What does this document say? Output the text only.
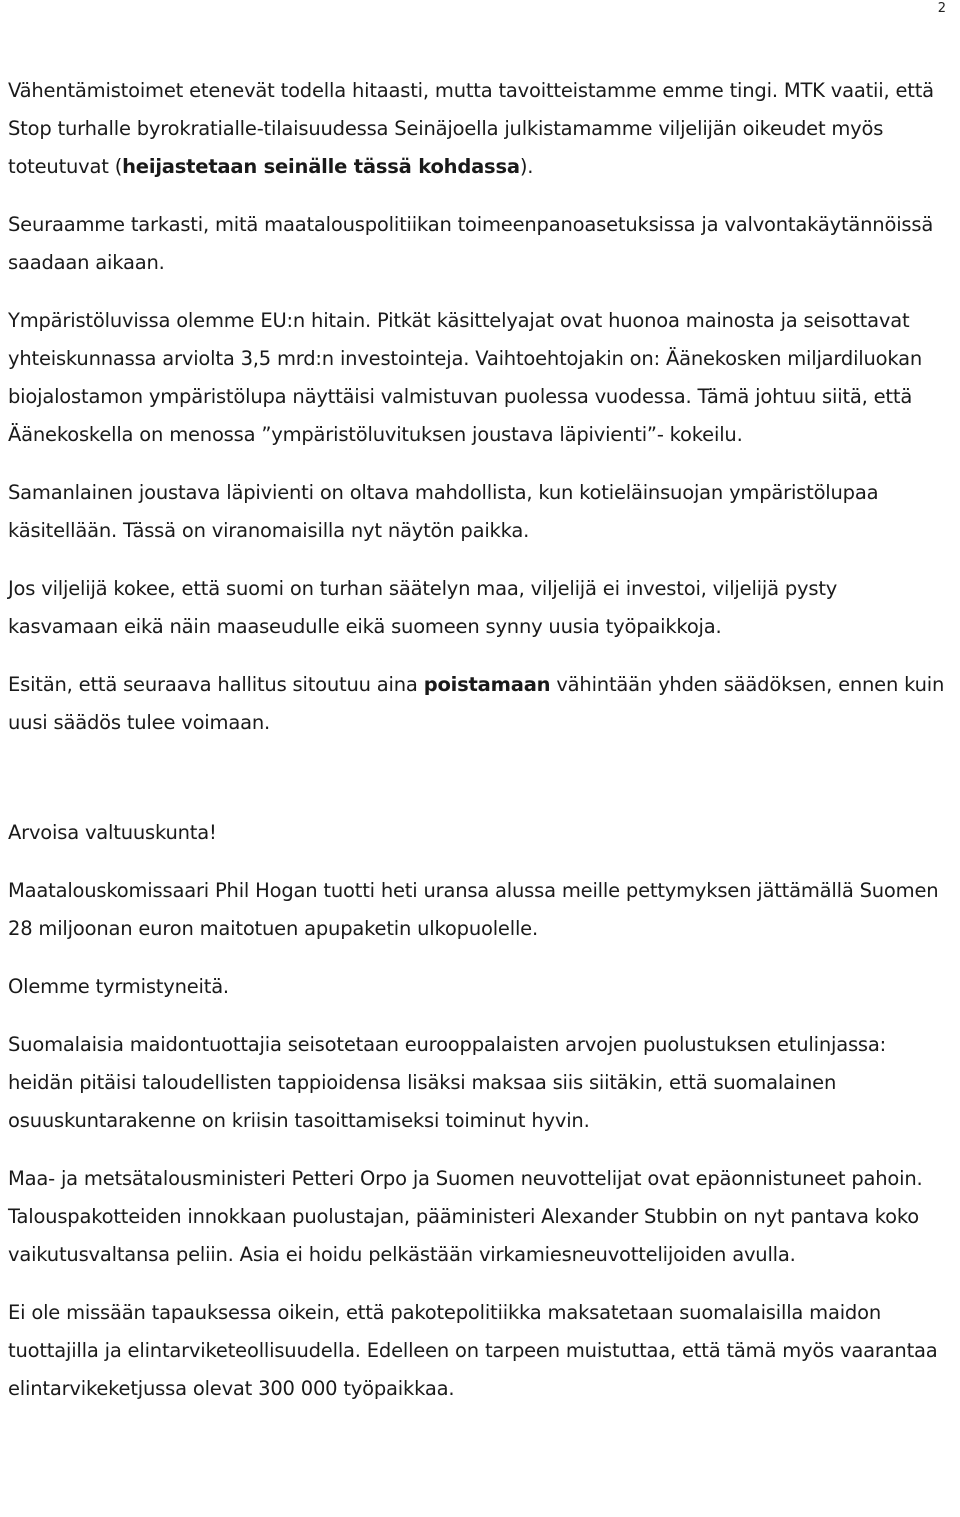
2

Vähentämistoimet etenevät todella hitaasti, mutta tavoitteistamme emme tingi. MTK vaatii, että Stop turhalle byrokratialle-tilaisuudessa Seinäjoella julkistamamme viljelijän oikeudet myös toteutuvat (heijastetaan seinälle tässä kohdassa).

Seuraamme tarkasti, mitä maatalouspolitiikan toimeenpanoasetuksissa ja valvontakäytännöissä saadaan aikaan.

Ympäristöluvissa olemme EU:n hitain. Pitkät käsittelyajat ovat huonoa mainosta ja seisottavat yhteiskunnassa arviolta 3,5 mrd:n investointeja. Vaihtoehtojakin on: Äänekosken miljardiluokan biojalostamon ympäristölupa näyttäisi valmistuvan puolessa vuodessa. Tämä johtuu siitä, että Äänekoskella on menossa ”ympäristöluvituksen joustava läpivienti”- kokeilu.

Samanlainen joustava läpivienti on oltava mahdollista, kun kotieläinsuojan ympäristölupaa käsitellään. Tässä on viranomaisilla nyt näytön paikka.

Jos viljelijä kokee, että suomi on turhan säätelyn maa, viljelijä ei investoi, viljelijä pysty kasvamaan eikä näin maaseudulle eikä suomeen synny uusia työpaikkoja.

Esitän, että seuraava hallitus sitoutuu aina poistamaan vähintään yhden säädöksen, ennen kuin uusi säädös tulee voimaan.

Arvoisa valtuuskunta!

Maatalouskomissaari Phil Hogan tuotti heti uransa alussa meille pettymyksen jättämällä Suomen 28 miljoonan euron maitotuen apupaketin ulkopuolelle.

Olemme tyrmistyneitä.

Suomalaisia maidontuottajia seisotetaan eurooppalaisten arvojen puolustuksen etulinjassa: heidän pitäisi taloudellisten tappioidensa lisäksi maksaa siis siitäkin, että suomalainen osuuskuntarakenne on kriisin tasoittamiseksi toiminut hyvin.

Maa- ja metsätalousministeri Petteri Orpo ja Suomen neuvottelijat ovat epäonnistuneet pahoin. Talouspakotteiden innokkaan puolustajan, pääministeri Alexander Stubbin on nyt pantava koko vaikutusvaltansa peliin. Asia ei hoidu pelkästään virkamiesneuvottelijoiden avulla.

Ei ole missään tapauksessa oikein, että pakotepolitiikka maksatetaan suomalaisilla maidon tuottajilla ja elintarviketeollisuudella. Edelleen on tarpeen muistuttaa, että tämä myös vaarantaa elintarvikeketjussa olevat 300 000 työpaikkaa.
